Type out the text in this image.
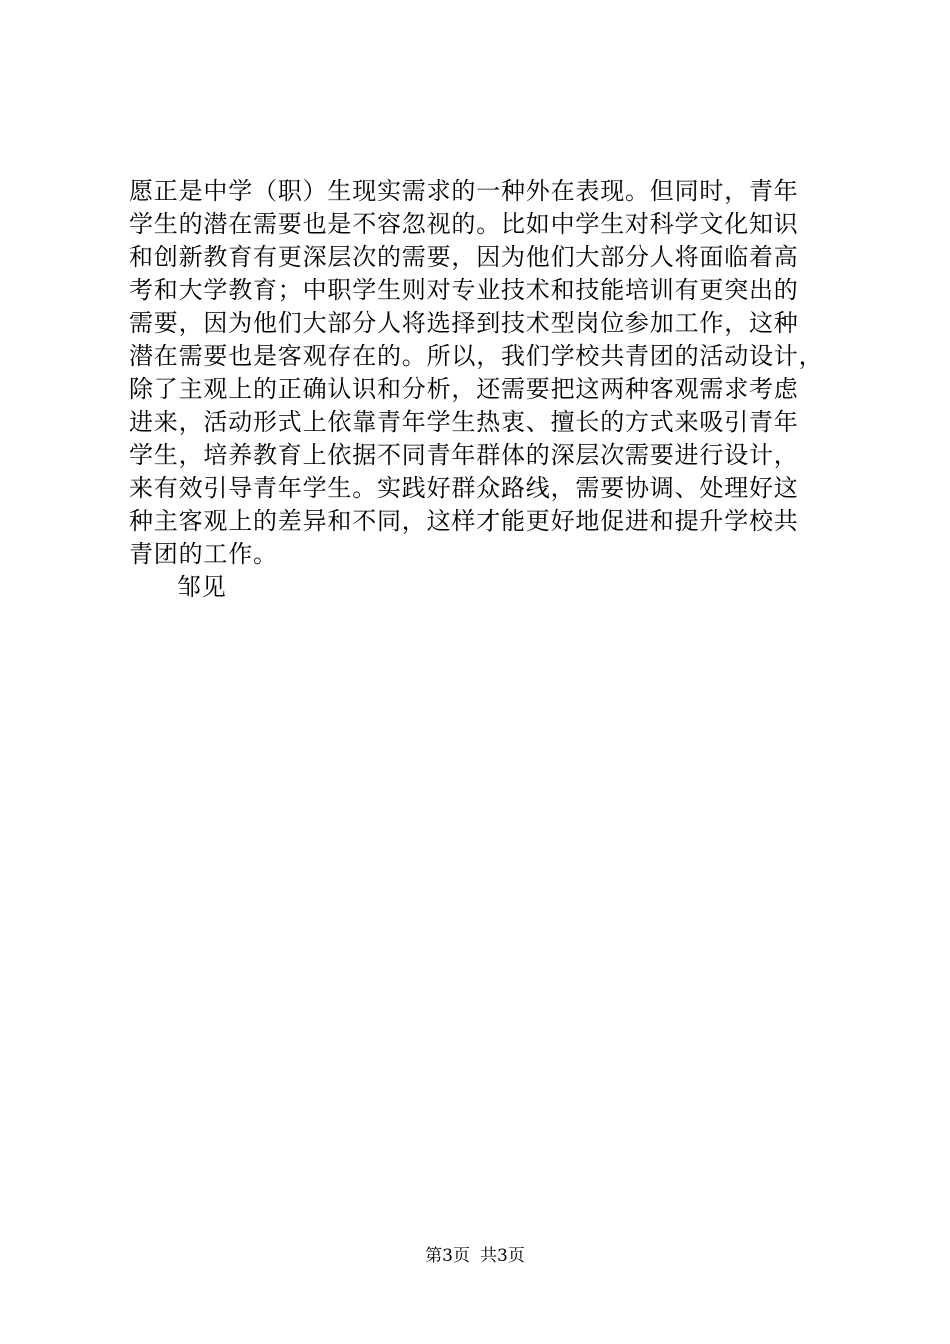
愿正是中学（职）生现实需求的一种外在表现。但同时，青年
学生的潜在需要也是不容忽视的。比如中学生对科学文化知识
和创新教育有更深层次的需要，因为他们大部分人将面临着高
考和大学教育；中职学生则对专业技术和技能培训有更突出的
需要，因为他们大部分人将选择到技术型岗位参加工作，这种
潜在需要也是客观存在的。所以，我们学校共青团的活动设计，
除了主观上的正确认识和分析，还需要把这两种客观需求考虑
进来，活动形式上依靠青年学生热衷、擅长的方式来吸引青年
学生，培养教育上依据不同青年群体的深层次需要进行设计，
来有效引导青年学生。实践好群众路线，需要协调、处理好这
种主客观上的差异和不同，这样才能更好地促进和提升学校共
青团的工作。
邹见
第3页 共3页
